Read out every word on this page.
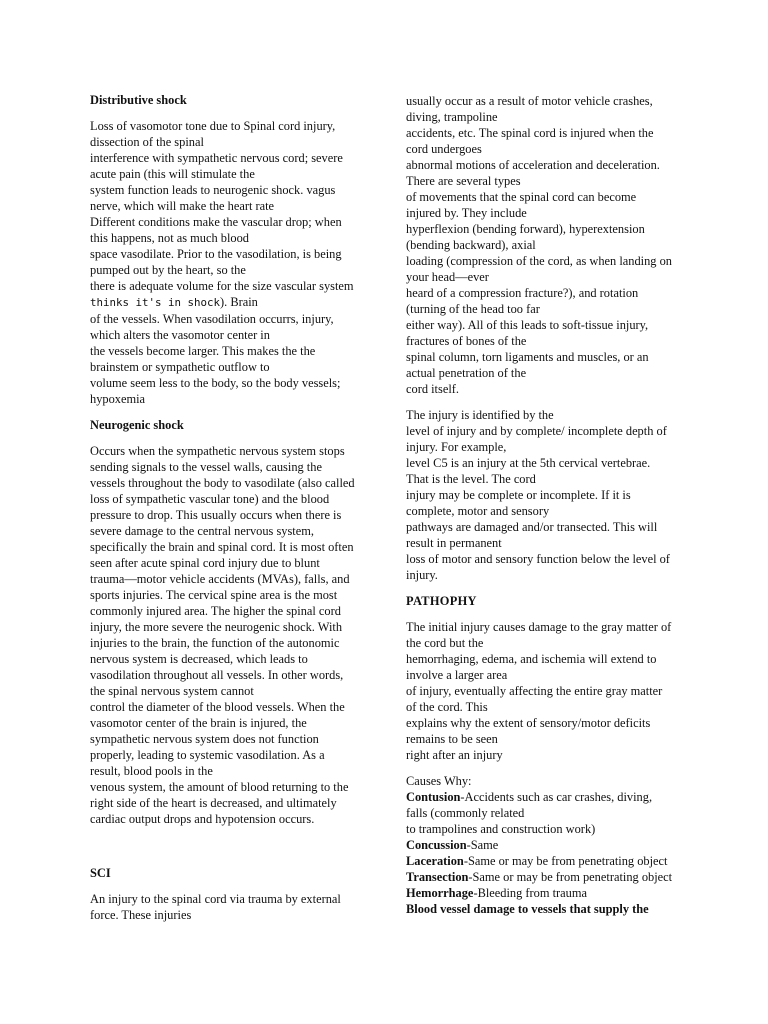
Distributive shock
Loss of vasomotor tone due to Spinal cord injury,
dissection of the spinal
interference with sympathetic nervous cord; severe
acute pain (this will stimulate the
system function leads to neurogenic shock. vagus
nerve, which will make the heart rate
Different conditions make the vascular drop; when
this happens, not as much blood
space vasodilate. Prior to the vasodilation, is being
pumped out by the heart, so the
there is adequate volume for the size vascular system
thinks it's in shock). Brain
of the vessels. When vasodilation occurrs, injury,
which alters the vasomotor center in
the vessels become larger. This makes the the
brainstem or sympathetic outflow to
volume seem less to the body, so the body vessels;
hypoxemia
Neurogenic shock
Occurs when the sympathetic nervous system stops
sending signals to the vessel walls, causing the
vessels throughout the body to vasodilate (also called
loss of sympathetic vascular tone) and the blood
pressure to drop. This usually occurs when there is
severe damage to the central nervous system,
specifically the brain and spinal cord. It is most often
seen after acute spinal cord injury due to blunt
trauma—motor vehicle accidents (MVAs), falls, and
sports injuries. The cervical spine area is the most
commonly injured area. The higher the spinal cord
injury, the more severe the neurogenic shock. With
injuries to the brain, the function of the autonomic
nervous system is decreased, which leads to
vasodilation throughout all vessels. In other words,
the spinal nervous system cannot
control the diameter of the blood vessels. When the
vasomotor center of the brain is injured, the
sympathetic nervous system does not function
properly, leading to systemic vasodilation. As a
result, blood pools in the
venous system, the amount of blood returning to the
right side of the heart is decreased, and ultimately
cardiac output drops and hypotension occurs.
SCI
An injury to the spinal cord via trauma by external
force. These injuries
usually occur as a result of motor vehicle crashes,
diving, trampoline
accidents, etc. The spinal cord is injured when the
cord undergoes
abnormal motions of acceleration and deceleration.
There are several types
of movements that the spinal cord can become
injured by. They include
hyperflexion (bending forward), hyperextension
(bending backward), axial
loading (compression of the cord, as when landing on
your head—ever
heard of a compression fracture?), and rotation
(turning of the head too far
either way). All of this leads to soft-tissue injury,
fractures of bones of the
spinal column, torn ligaments and muscles, or an
actual penetration of the
cord itself.
The injury is identified by the
level of injury and by complete/ incomplete depth of
injury. For example,
level C5 is an injury at the 5th cervical vertebrae.
That is the level. The cord
injury may be complete or incomplete. If it is
complete, motor and sensory
pathways are damaged and/or transected. This will
result in permanent
loss of motor and sensory function below the level of
injury.
PATHOPHY
The initial injury causes damage to the gray matter of
the cord but the
hemorrhaging, edema, and ischemia will extend to
involve a larger area
of injury, eventually affecting the entire gray matter
of the cord. This
explains why the extent of sensory/motor deficits
remains to be seen
right after an injury
Causes Why:
Contusion-Accidents such as car crashes, diving,
falls (commonly related
to trampolines and construction work)
Concussion-Same
Laceration-Same or may be from penetrating object
Transection-Same or may be from penetrating object
Hemorrhage-Bleeding from trauma
Blood vessel damage to vessels that supply the
